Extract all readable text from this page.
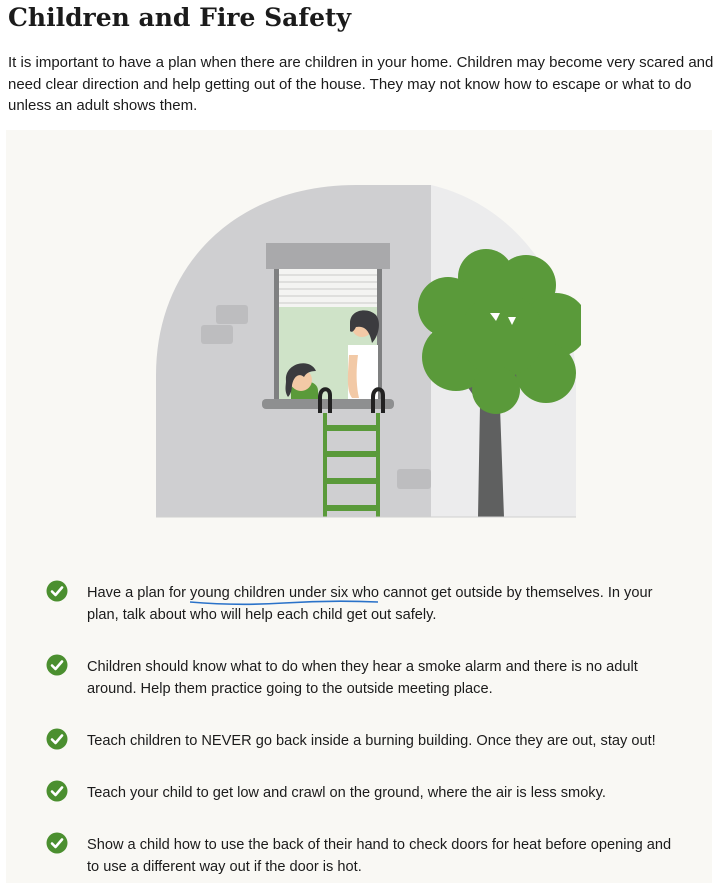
Children and Fire Safety

It is important to have a plan when there are children in your home. Children may become very scared and need clear direction and help getting out of the house. They may not know how to escape or what to do unless an adult shows them.

Have a plan for young children under six who
cannot get outside by themselves. In your plan, talk about who will help each child get out safely.
Children should know what to do when they hear a smoke alarm and there is no adult around. Help them practice going to the outside meeting place.
Teach children to NEVER go back inside a burning building. Once they are out, stay out!
Teach your child to get low and crawl on the ground, where the air is less smoky.
Show a child how to use the back of their hand to check doors for heat before opening and to use a different way out if the door is hot.
